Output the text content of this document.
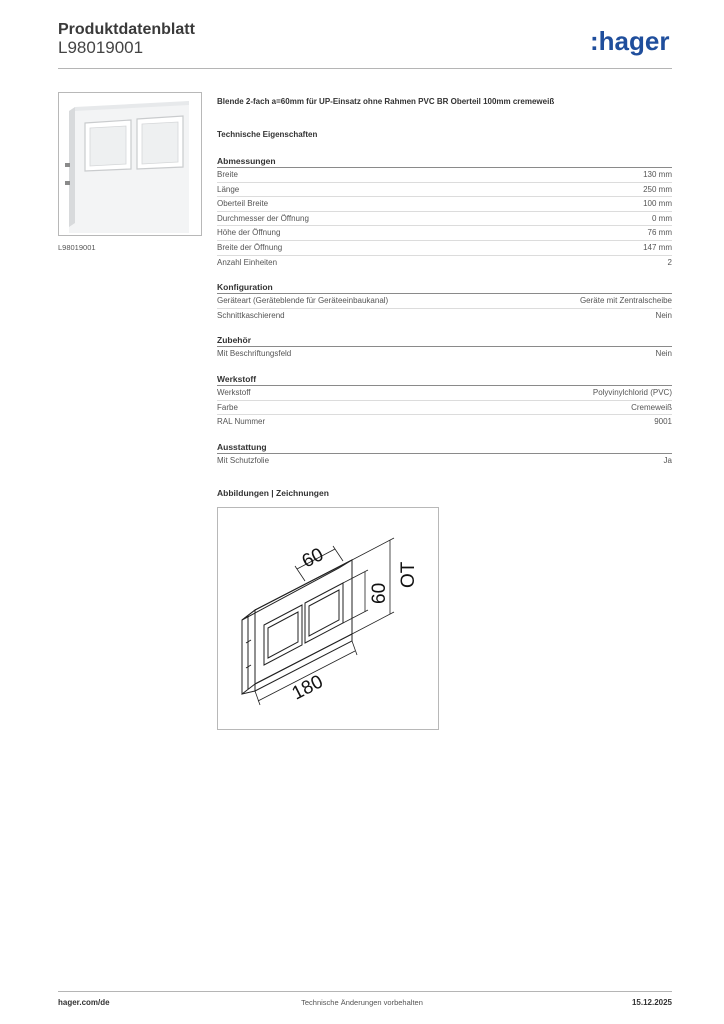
Produktdatenblatt
L98019001	:hager
L98019001
Blende 2-fach a=60mm für UP-Einsatz ohne Rahmen PVC BR Oberteil 100mm cremeweiß
Technische Eigenschaften
Abmessungen
Breite	130 mm
Länge	250 mm
Oberteil Breite	100 mm
Durchmesser der Öffnung	0 mm
Höhe der Öffnung	76 mm
Breite der Öffnung	147 mm
Anzahl Einheiten	2
Konfiguration
Geräteart (Geräteblende für Geräteeinbaukanal)	Geräte mit Zentralscheibe
Schnittkaschierend	Nein
Zubehör
Mit Beschriftungsfeld	Nein
Werkstoff
Werkstoff	Polyvinylchlorid (PVC)
Farbe	Cremeweiß
RAL Nummer	9001
Ausstattung
Mit Schutzfolie	Ja
Abbildungen | Zeichnungen
60
60
OT
180
hager.com/de	Technische Änderungen vorbehalten	15.12.2025
